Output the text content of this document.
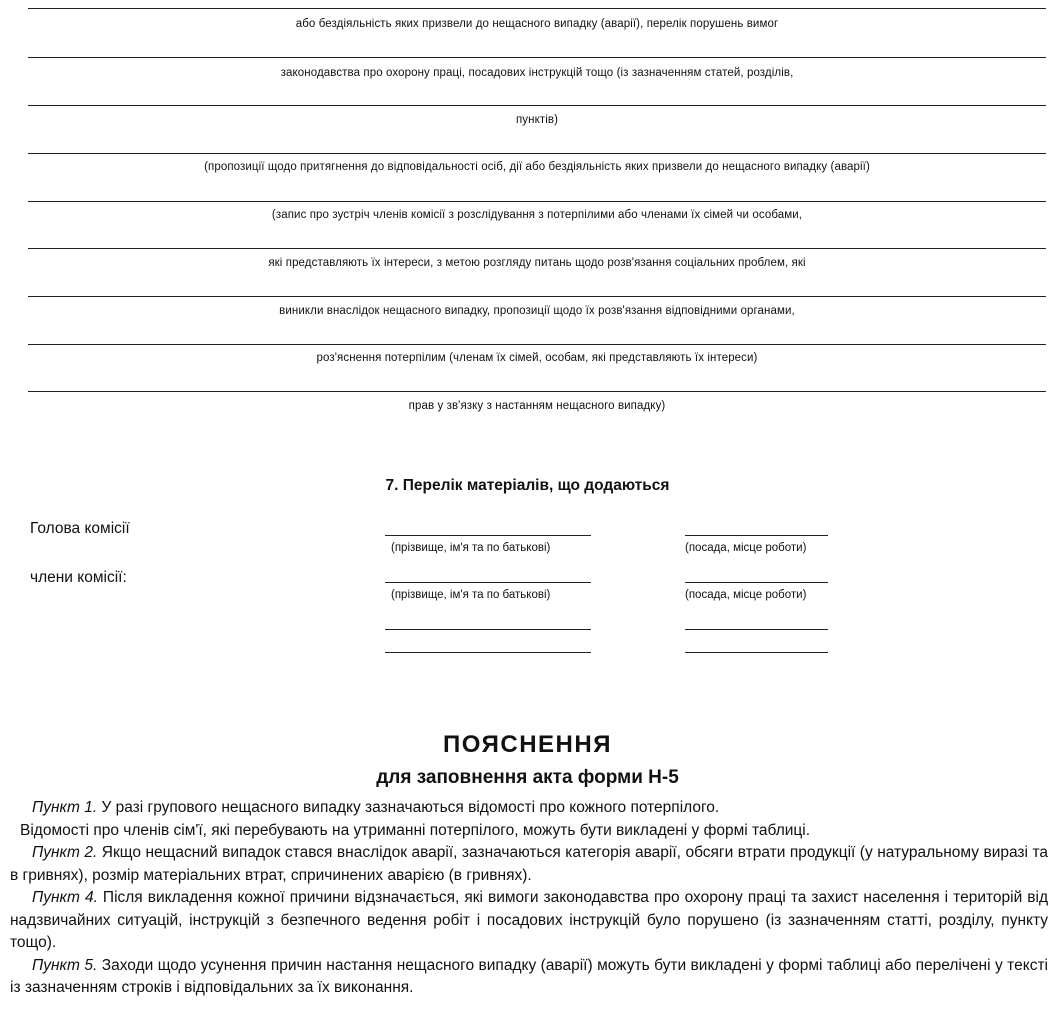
або бездіяльність яких призвели до нещасного випадку (аварії), перелік порушень вимог
законодавства про охорону праці, посадових інструкцій тощо (із зазначенням статей, розділів,
пунктів)
(пропозиції щодо притягнення до відповідальності осіб, дії або бездіяльність яких призвели до нещасного випадку (аварії)
(запис про зустріч членів комісії з розслідування з потерпілими або членами їх сімей чи особами,
які представляють їх інтереси, з метою розгляду питань щодо розв'язання соціальних проблем, які
виникли внаслідок нещасного випадку, пропозиції щодо їх розв'язання відповідними органами,
роз'яснення потерпілим (членам їх сімей, особам, які представляють їх інтереси)
прав у зв'язку з настанням нещасного випадку)
7. Перелік матеріалів, що додаються
Голова комісії
(прізвище, ім'я та по батькові)	(посада, місце роботи)
члени комісії:
(прізвище, ім'я та по батькові)	(посада, місце роботи)
ПОЯСНЕННЯ
для заповнення акта форми Н-5

Пункт 1. У разі групового нещасного випадку зазначаються відомості про кожного потерпілого.

Відомості про членів сім'ї, які перебувають на утриманні потерпілого, можуть бути викладені у формі таблиці.

Пункт 2. Якщо нещасний випадок стався внаслідок аварії, зазначаються категорія аварії, обсяги втрати продукції (у натуральному виразі та в гривнях), розмір матеріальних втрат, спричинених аварією (в гривнях).

Пункт 4. Після викладення кожної причини відзначається, які вимоги законодавства про охорону праці та захист населення і територій від надзвичайних ситуацій, інструкцій з безпечного ведення робіт і посадових інструкцій було порушено (із зазначенням статті, розділу, пункту тощо).

Пункт 5. Заходи щодо усунення причин настання нещасного випадку (аварії) можуть бути викладені у формі таблиці або перелічені у тексті із зазначенням строків і відповідальних за їх виконання.
